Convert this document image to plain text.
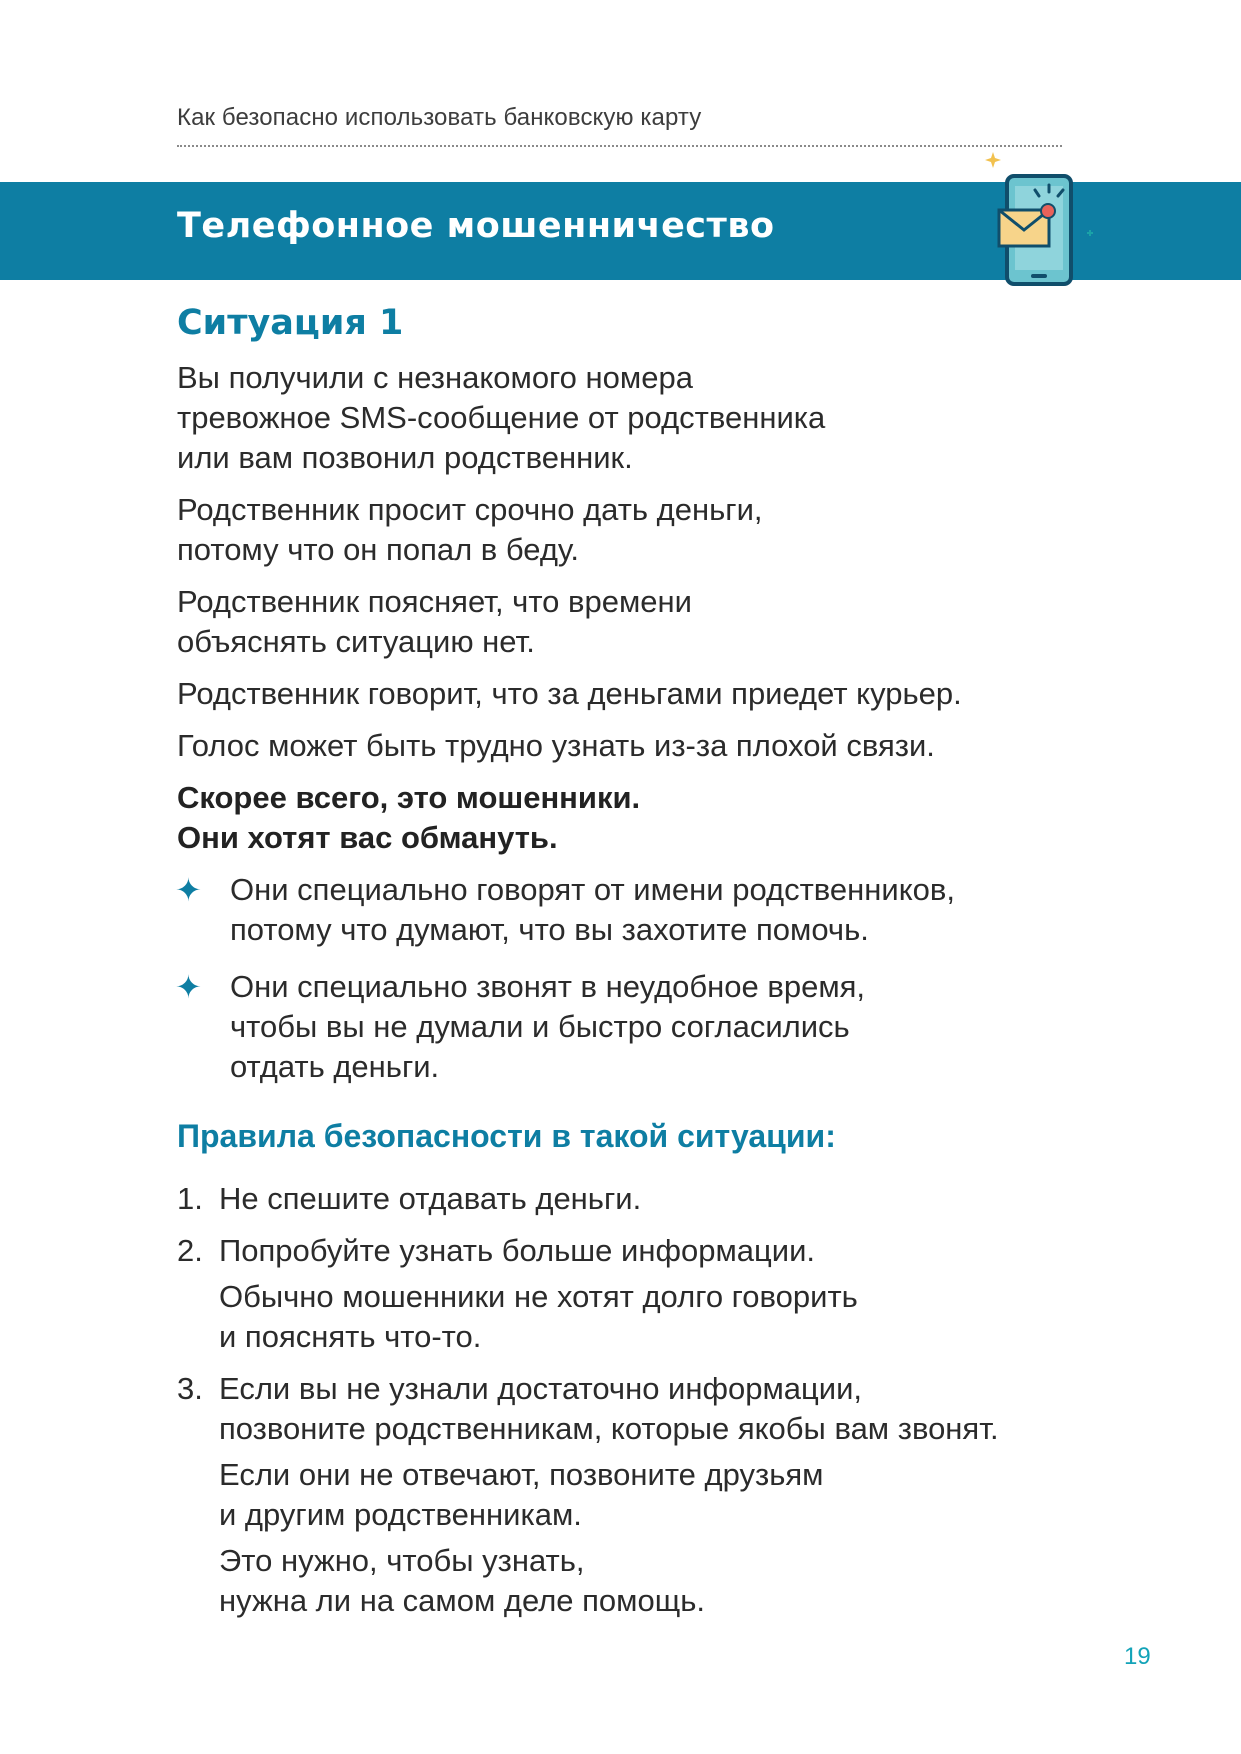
Как безопасно использовать банковскую карту
Телефонное мошенничество
Ситуация 1
Вы получили с незнакомого номера
тревожное SMS-сообщение от родственника
или вам позвонил родственник.
Родственник просит срочно дать деньги,
потому что он попал в беду.
Родственник поясняет, что времени
объяснять ситуацию нет.
Родственник говорит, что за деньгами приедет курьер.
Голос может быть трудно узнать из-за плохой связи.
Скорее всего, это мошенники.
Они хотят вас обмануть.
✦ Они специально говорят от имени родственников,
потому что думают, что вы захотите помочь.
✦ Они специально звонят в неудобное время,
чтобы вы не думали и быстро согласились
отдать деньги.
Правила безопасности в такой ситуации:
1. Не спешите отдавать деньги.
2. Попробуйте узнать больше информации.
Обычно мошенники не хотят долго говорить
и пояснять что-то.
3. Если вы не узнали достаточно информации,
позвоните родственникам, которые якобы вам звонят.
Если они не отвечают, позвоните друзьям
и другим родственникам.
Это нужно, чтобы узнать,
нужна ли на самом деле помощь.
19
